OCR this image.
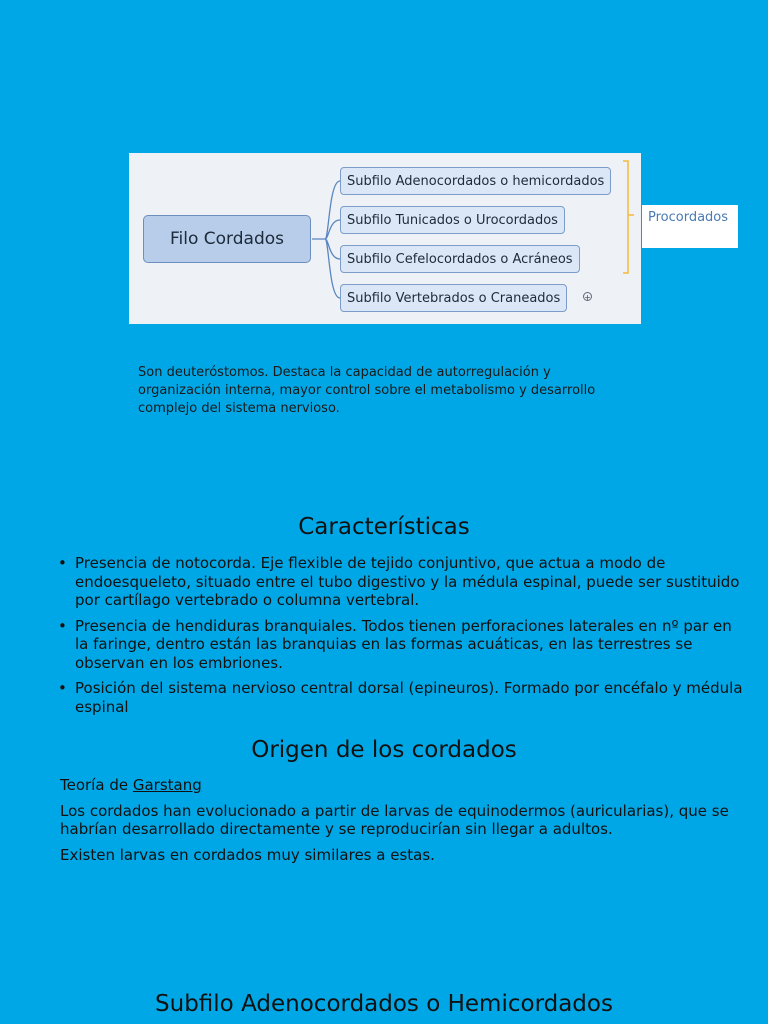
Filo Cordados
Subfilo Adenocordados o hemicordados
Subfilo Tunicados o Urocordados
Subfilo Cefelocordados o Acráneos
Subfilo Vertebrados o Craneados	+
Procordados
Son deuteróstomos. Destaca la capacidad de autorregulación y organización interna, mayor control sobre el metabolismo y desarrollo complejo del sistema nervioso.
Características
• Presencia de notocorda. Eje flexible de tejido conjuntivo, que actua a modo de endoesqueleto, situado entre el tubo digestivo y la médula espinal, puede ser sustituido por cartílago vertebrado o columna vertebral.
• Presencia de hendiduras branquiales. Todos tienen perforaciones laterales en nº par en la faringe, dentro están las branquias en las formas acuáticas, en las terrestres se observan en los embriones.
• Posición del sistema nervioso central dorsal (epineuros). Formado por encéfalo y médula espinal
Origen de los cordados

Teoría de Garstang

Los cordados han evolucionado a partir de larvas de equinodermos (auricularias), que se habrían desarrollado directamente y se reproducirían sin llegar a adultos.

Existen larvas en cordados muy similares a estas.

Subfilo Adenocordados o Hemicordados
